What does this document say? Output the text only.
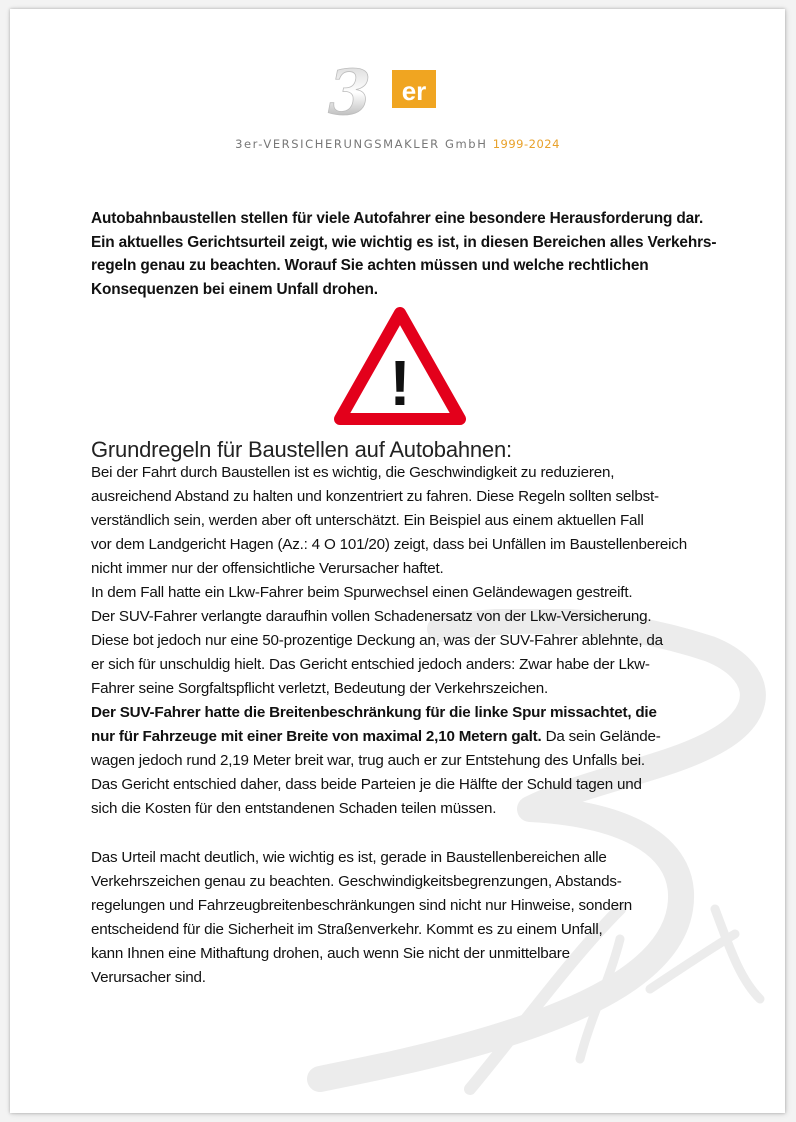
3 er
3er-VERSICHERUNGSMAKLER GmbH 1999-2024
Autobahnbaustellen stellen für viele Autofahrer eine besondere Herausforderung dar.
Ein aktuelles Gerichtsurteil zeigt, wie wichtig es ist, in diesen Bereichen alles Verkehrs-
regeln genau zu beachten. Worauf Sie achten müssen und welche rechtlichen
Konsequenzen bei einem Unfall drohen.
!
Grundregeln für Baustellen auf Autobahnen:
Bei der Fahrt durch Baustellen ist es wichtig, die Geschwindigkeit zu reduzieren,
ausreichend Abstand zu halten und konzentriert zu fahren. Diese Regeln sollten selbst-
verständlich sein, werden aber oft unterschätzt. Ein Beispiel aus einem aktuellen Fall
vor dem Landgericht Hagen (Az.: 4 O 101/20) zeigt, dass bei Unfällen im Baustellenbereich
nicht immer nur der offensichtliche Verursacher haftet.
In dem Fall hatte ein Lkw-Fahrer beim Spurwechsel einen Geländewagen gestreift.
Der SUV-Fahrer verlangte daraufhin vollen Schadenersatz von der Lkw-Versicherung.
Diese bot jedoch nur eine 50-prozentige Deckung an, was der SUV-Fahrer ablehnte, da
er sich für unschuldig hielt. Das Gericht entschied jedoch anders: Zwar habe der Lkw-
Fahrer seine Sorgfaltspflicht verletzt, Bedeutung der Verkehrszeichen.
Der SUV-Fahrer hatte die Breitenbeschränkung für die linke Spur missachtet, die
nur für Fahrzeuge mit einer Breite von maximal 2,10 Metern galt. Da sein Gelände-
wagen jedoch rund 2,19 Meter breit war, trug auch er zur Entstehung des Unfalls bei.
Das Gericht entschied daher, dass beide Parteien je die Hälfte der Schuld tagen und
sich die Kosten für den entstandenen Schaden teilen müssen.
Das Urteil macht deutlich, wie wichtig es ist, gerade in Baustellenbereichen alle
Verkehrszeichen genau zu beachten. Geschwindigkeitsbegrenzungen, Abstands-
regelungen und Fahrzeugbreitenbeschränkungen sind nicht nur Hinweise, sondern
entscheidend für die Sicherheit im Straßenverkehr. Kommt es zu einem Unfall,
kann Ihnen eine Mithaftung drohen, auch wenn Sie nicht der unmittelbare
Verursacher sind.
